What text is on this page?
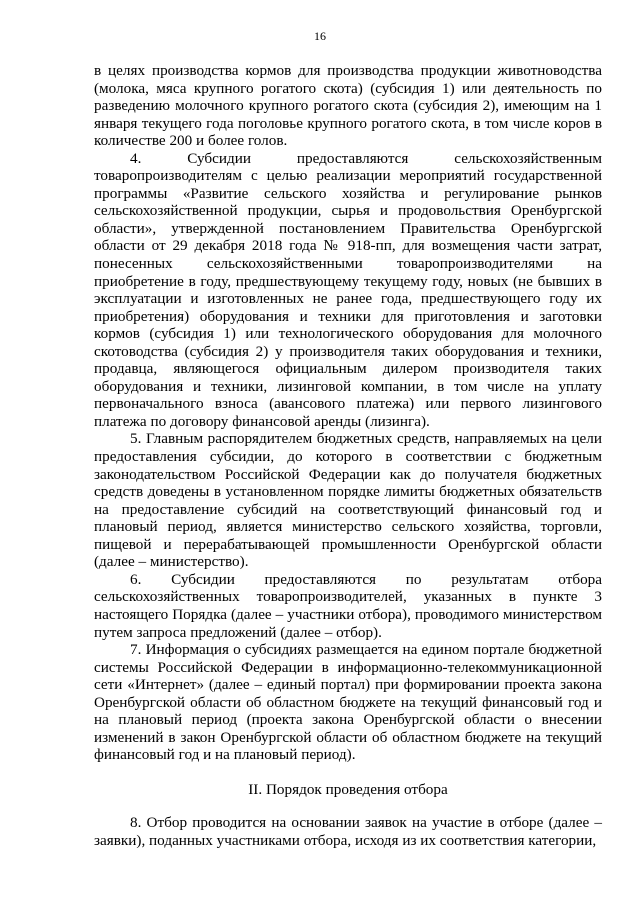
16

в целях производства кормов для производства продукции животноводства (молока, мяса крупного рогатого скота) (субсидия 1) или деятельность по разведению молочного крупного рогатого скота (субсидия 2), имеющим на 1 января текущего года поголовье крупного рогатого скота, в том числе коров в количестве 200 и более голов.

4. Субсидии предоставляются сельскохозяйственным товаропроизводителям с целью реализации мероприятий государственной программы «Развитие сельского хозяйства и регулирование рынков сельскохозяйственной продукции, сырья и продовольствия Оренбургской области», утвержденной постановлением Правительства Оренбургской области от 29 декабря 2018 года № 918-пп, для возмещения части затрат, понесенных сельскохозяйственными товаропроизводителями на приобретение в году, предшествующему текущему году, новых (не бывших в эксплуатации и изготовленных не ранее года, предшествующего году их приобретения) оборудования и техники для приготовления и заготовки кормов (субсидия 1) или технологического оборудования для молочного скотоводства (субсидия 2) у производителя таких оборудования и техники, продавца, являющегося официальным дилером производителя таких оборудования и техники, лизинговой компании, в том числе на уплату первоначального взноса (авансового платежа) или первого лизингового платежа по договору финансовой аренды (лизинга).

5. Главным распорядителем бюджетных средств, направляемых на цели предоставления субсидии, до которого в соответствии с бюджетным законодательством Российской Федерации как до получателя бюджетных средств доведены в установленном порядке лимиты бюджетных обязательств на предоставление субсидий на соответствующий финансовый год и плановый период, является министерство сельского хозяйства, торговли, пищевой и перерабатывающей промышленности Оренбургской области (далее – министерство).

6. Субсидии предоставляются по результатам отбора сельскохозяйственных товаропроизводителей, указанных в пункте 3 настоящего Порядка (далее – участники отбора), проводимого министерством путем запроса предложений (далее – отбор).

7. Информация о субсидиях размещается на едином портале бюджетной системы Российской Федерации в информационно-телекоммуникационной сети «Интернет» (далее – единый портал) при формировании проекта закона Оренбургской области об областном бюджете на текущий финансовый год и на плановый период (проекта закона Оренбургской области о внесении изменений в закон Оренбургской области об областном бюджете на текущий финансовый год и на плановый период).

II. Порядок проведения отбора

8. Отбор проводится на основании заявок на участие в отборе (далее – заявки), поданных участниками отбора, исходя из их соответствия категории,
